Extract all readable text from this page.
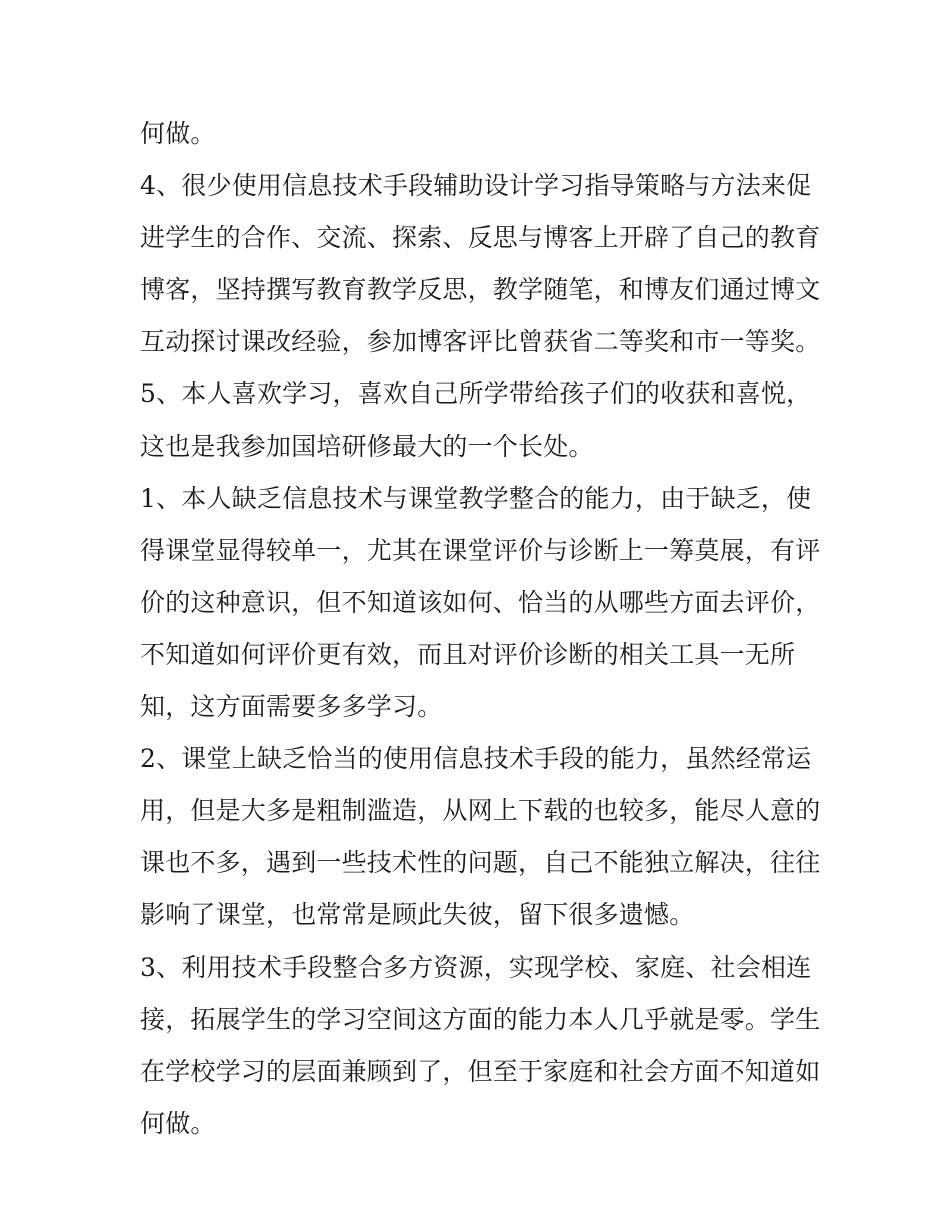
何做。
4、很少使用信息技术手段辅助设计学习指导策略与方法来促
进学生的合作、交流、探索、反思与博客上开辟了自己的教育
博客，坚持撰写教育教学反思，教学随笔，和博友们通过博文
互动探讨课改经验，参加博客评比曾获省二等奖和市一等奖。
5、本人喜欢学习，喜欢自己所学带给孩子们的收获和喜悦，
这也是我参加国培研修最大的一个长处。
1、本人缺乏信息技术与课堂教学整合的能力，由于缺乏，使
得课堂显得较单一，尤其在课堂评价与诊断上一筹莫展，有评
价的这种意识，但不知道该如何、恰当的从哪些方面去评价，
不知道如何评价更有效，而且对评价诊断的相关工具一无所
知，这方面需要多多学习。
2、课堂上缺乏恰当的使用信息技术手段的能力，虽然经常运
用，但是大多是粗制滥造，从网上下载的也较多，能尽人意的
课也不多，遇到一些技术性的问题，自己不能独立解决，往往
影响了课堂，也常常是顾此失彼，留下很多遗憾。
3、利用技术手段整合多方资源，实现学校、家庭、社会相连
接，拓展学生的学习空间这方面的能力本人几乎就是零。学生
在学校学习的层面兼顾到了，但至于家庭和社会方面不知道如
何做。
